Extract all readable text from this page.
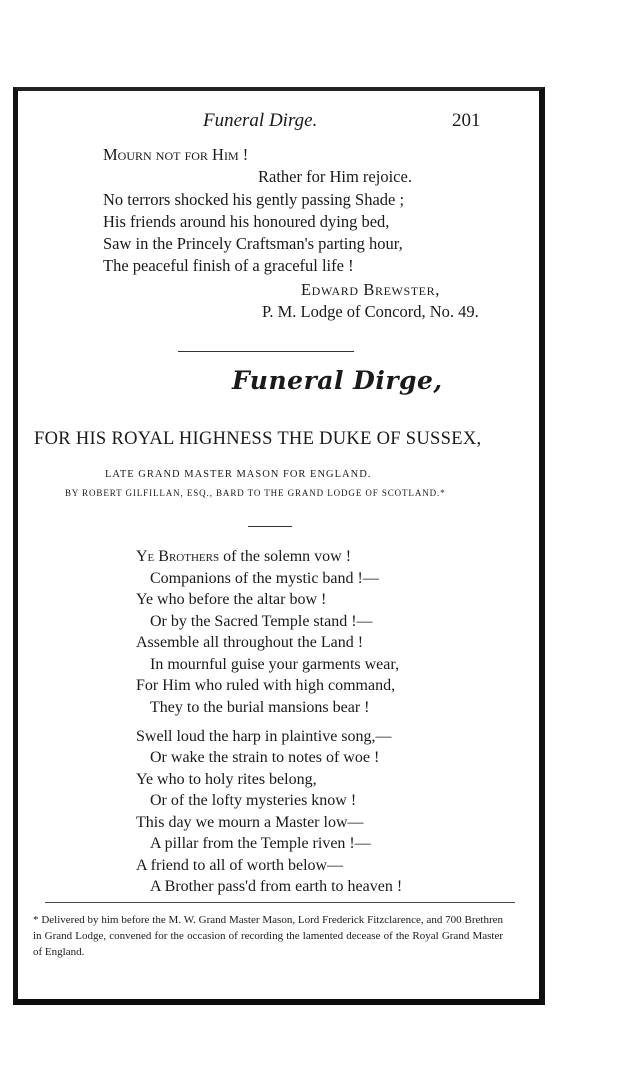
Funeral Dirge.	201
Mourn not for Him !
Rather for Him rejoice.
No terrors shocked his gently passing Shade ;
His friends around his honoured dying bed,
Saw in the Princely Craftsman's parting hour,
The peaceful finish of a graceful life !
Edward Brewster,
P. M. Lodge of Concord, No. 49.
Funeral Dirge,
FOR HIS ROYAL HIGHNESS THE DUKE OF SUSSEX,
LATE GRAND MASTER MASON FOR ENGLAND.
BY ROBERT GILFILLAN, ESQ., BARD TO THE GRAND LODGE OF SCOTLAND.*
Ye Brothers of the solemn vow !
Companions of the mystic band !—
Ye who before the altar bow !
Or by the Sacred Temple stand !—
Assemble all throughout the Land !
In mournful guise your garments wear,
For Him who ruled with high command,
They to the burial mansions bear !
Swell loud the harp in plaintive song,—
Or wake the strain to notes of woe !
Ye who to holy rites belong,
Or of the lofty mysteries know !
This day we mourn a Master low—
A pillar from the Temple riven !—
A friend to all of worth below—
A Brother pass'd from earth to heaven !
* Delivered by him before the M. W. Grand Master Mason, Lord Frederick Fitzclarence, and 700 Brethren in Grand Lodge, convened for the occasion of recording the lamented decease of the Royal Grand Master of England.
